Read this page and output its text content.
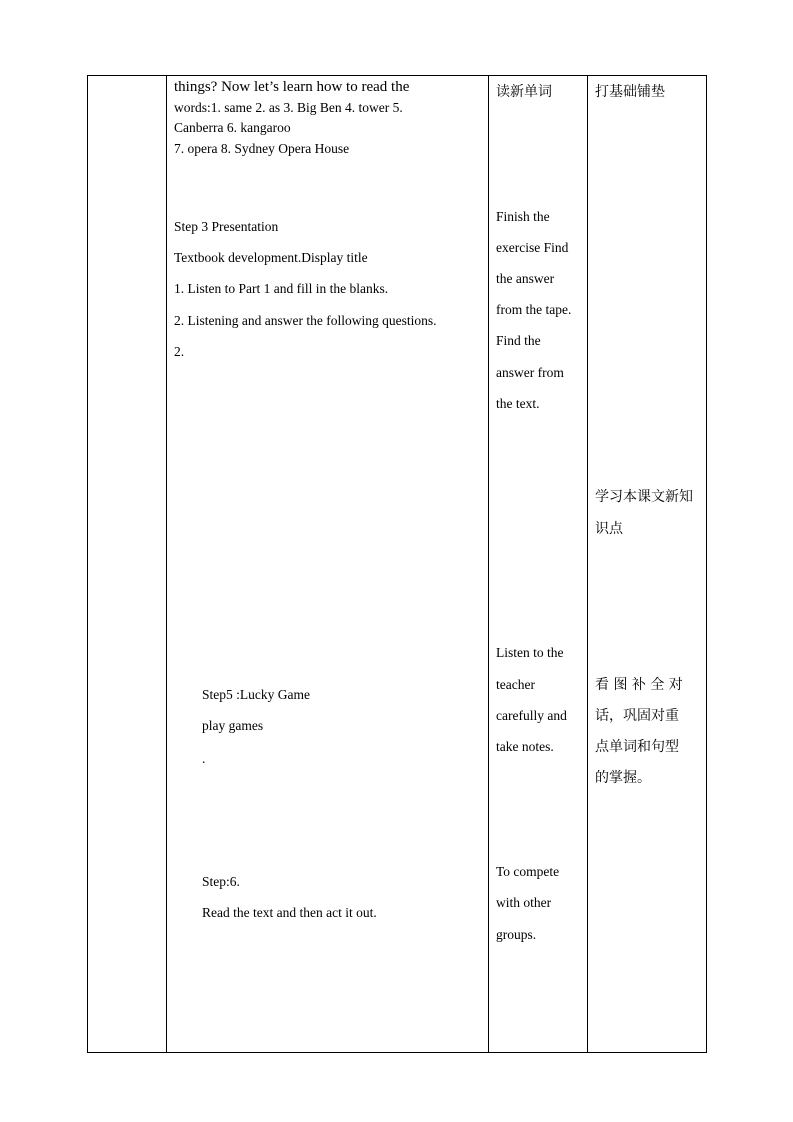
things? Now let’s learn how to read the
words:1. same 2. as 3. Big Ben 4. tower 5.
Canberra 6. kangaroo
7. opera 8. Sydney Opera House
Step 3 Presentation
Textbook development.Display title
1. Listen to Part 1 and fill in the blanks.
2. Listening and answer the following questions.
2.
Step5 :Lucky Game
play games
.
Step:6.
Read the text and then act it out.
读新单词
Finish the
exercise Find
the answer
from the tape.
Find the
answer from
the text.
Listen to the
teacher
carefully and
take notes.
To compete
with other
groups.
打基础铺垫
学习本课文新知
识点
看 图 补 全 对
话，巩固对重
点单词和句型
的掌握。
